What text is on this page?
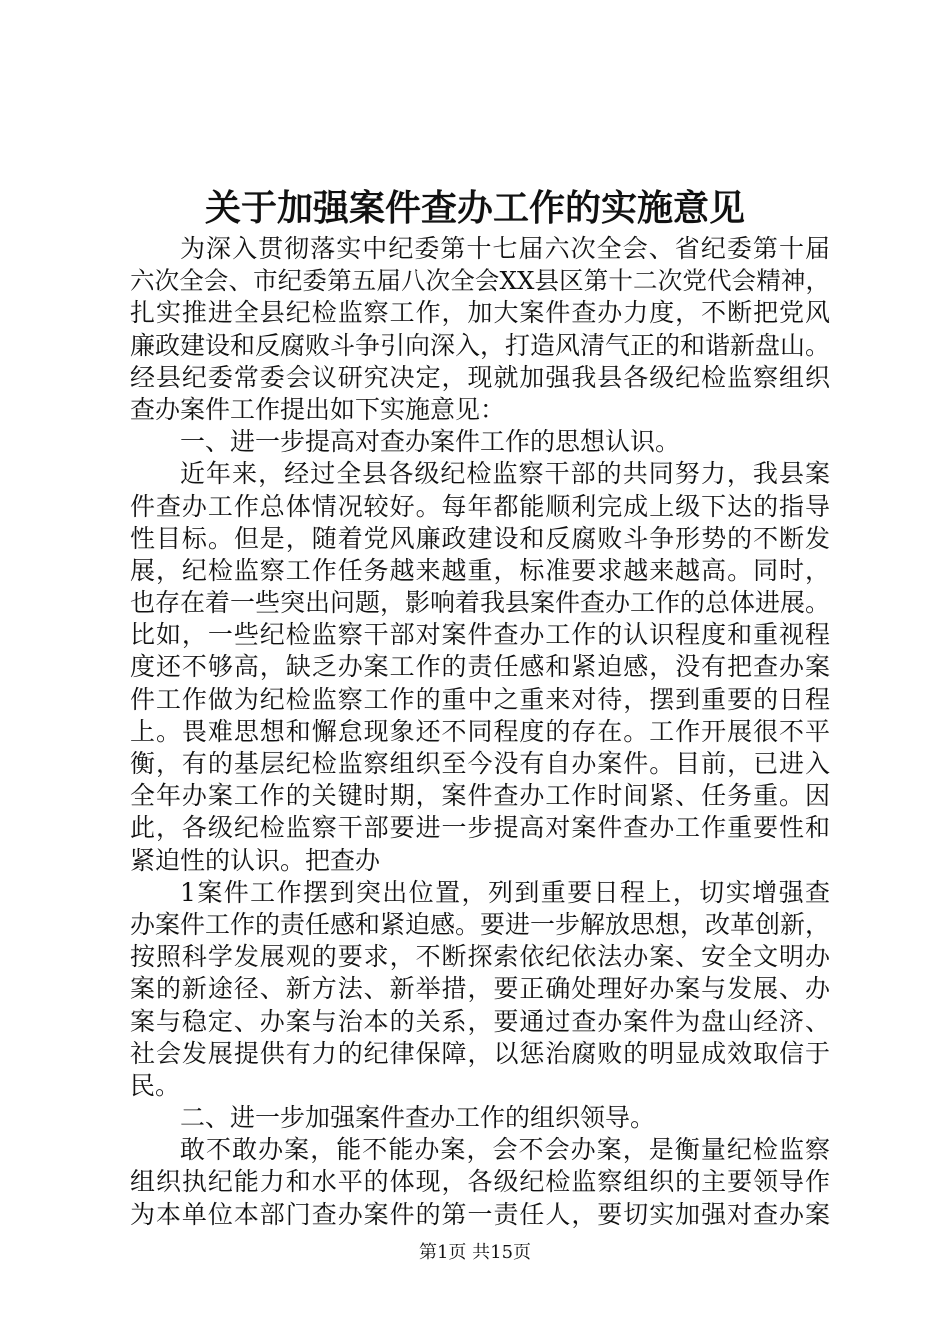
关于加强案件查办工作的实施意见
为深入贯彻落实中纪委第十七届六次全会、省纪委第十届
六次全会、市纪委第五届八次全会XX县区第十二次党代会精神，
扎实推进全县纪检监察工作，加大案件查办力度，不断把党风
廉政建设和反腐败斗争引向深入，打造风清气正的和谐新盘山。
经县纪委常委会议研究决定，现就加强我县各级纪检监察组织
查办案件工作提出如下实施意见：
一、进一步提高对查办案件工作的思想认识。
近年来，经过全县各级纪检监察干部的共同努力，我县案
件查办工作总体情况较好。每年都能顺利完成上级下达的指导
性目标。但是，随着党风廉政建设和反腐败斗争形势的不断发
展，纪检监察工作任务越来越重，标准要求越来越高。同时，
也存在着一些突出问题，影响着我县案件查办工作的总体进展。
比如，一些纪检监察干部对案件查办工作的认识程度和重视程
度还不够高，缺乏办案工作的责任感和紧迫感，没有把查办案
件工作做为纪检监察工作的重中之重来对待，摆到重要的日程
上。畏难思想和懈怠现象还不同程度的存在。工作开展很不平
衡，有的基层纪检监察组织至今没有自办案件。目前，已进入
全年办案工作的关键时期，案件查办工作时间紧、任务重。因
此，各级纪检监察干部要进一步提高对案件查办工作重要性和
紧迫性的认识。把查办
1案件工作摆到突出位置，列到重要日程上，切实增强查
办案件工作的责任感和紧迫感。要进一步解放思想，改革创新，
按照科学发展观的要求，不断探索依纪依法办案、安全文明办
案的新途径、新方法、新举措，要正确处理好办案与发展、办
案与稳定、办案与治本的关系，要通过查办案件为盘山经济、
社会发展提供有力的纪律保障，以惩治腐败的明显成效取信于
民。
二、进一步加强案件查办工作的组织领导。
敢不敢办案，能不能办案，会不会办案，是衡量纪检监察
组织执纪能力和水平的体现，各级纪检监察组织的主要领导作
为本单位本部门查办案件的第一责任人，要切实加强对查办案
第1页 共15页
